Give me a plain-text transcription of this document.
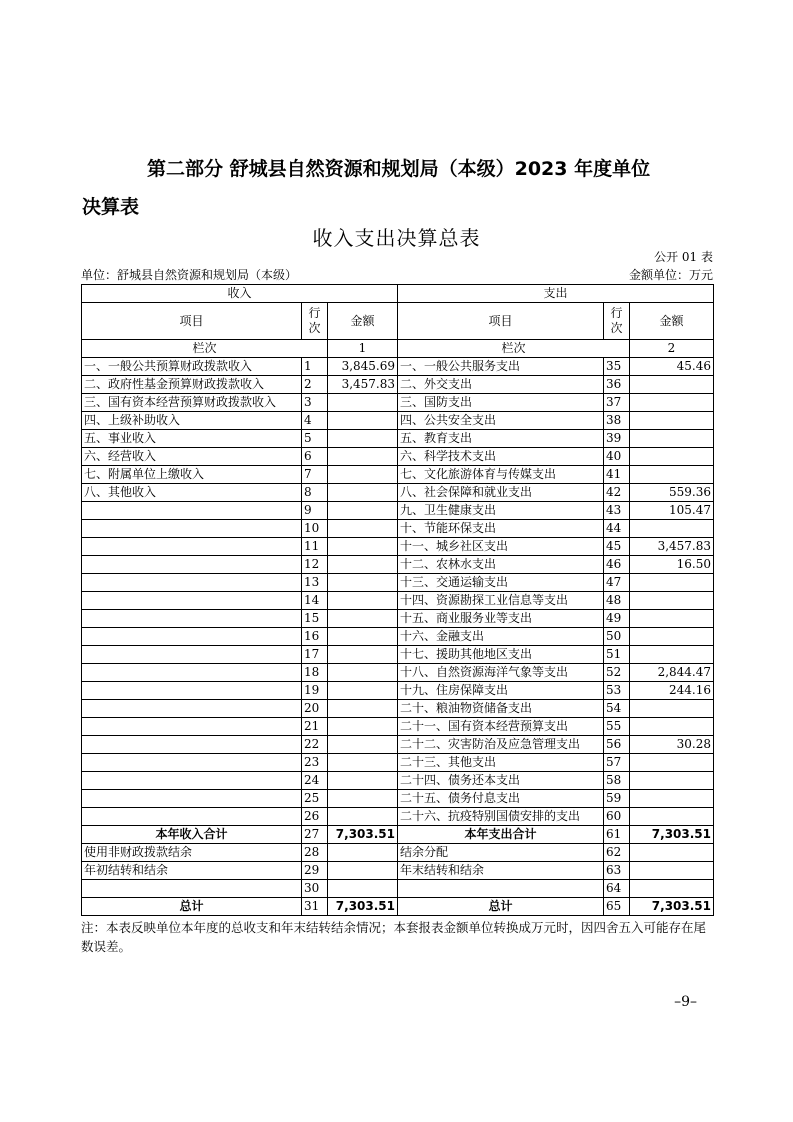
第二部分 舒城县自然资源和规划局（本级）2023 年度单位
决算表
收入支出决算总表
公开 01 表
单位：舒城县自然资源和规划局（本级）	金额单位：万元
收入			支出		
项目	行次	金额	项目	行次	金额
栏次		1	栏次		2
一、一般公共预算财政拨款收入	1	3,845.69	一、一般公共服务支出	35	45.46
二、政府性基金预算财政拨款收入	2	3,457.83	二、外交支出	36	
三、国有资本经营预算财政拨款收入	3		三、国防支出	37	
四、上级补助收入	4		四、公共安全支出	38	
五、事业收入	5		五、教育支出	39	
六、经营收入	6		六、科学技术支出	40	
七、附属单位上缴收入	7		七、文化旅游体育与传媒支出	41	
八、其他收入	8		八、社会保障和就业支出	42	559.36
	9		九、卫生健康支出	43	105.47
	10		十、节能环保支出	44	
	11		十一、城乡社区支出	45	3,457.83
	12		十二、农林水支出	46	16.50
	13		十三、交通运输支出	47	
	14		十四、资源勘探工业信息等支出	48	
	15		十五、商业服务业等支出	49	
	16		十六、金融支出	50	
	17		十七、援助其他地区支出	51	
	18		十八、自然资源海洋气象等支出	52	2,844.47
	19		十九、住房保障支出	53	244.16
	20		二十、粮油物资储备支出	54	
	21		二十一、国有资本经营预算支出	55	
	22		二十二、灾害防治及应急管理支出	56	30.28
	23		二十三、其他支出	57	
	24		二十四、债务还本支出	58	
	25		二十五、债务付息支出	59	
	26		二十六、抗疫特别国债安排的支出	60	
本年收入合计	27	7,303.51	本年支出合计	61	7,303.51
使用非财政拨款结余	28		结余分配	62	
年初结转和结余	29		年末结转和结余	63	
	30			64	
总计	31	7,303.51	总计	65	7,303.51
注：本表反映单位本年度的总收支和年末结转结余情况；本套报表金额单位转换成万元时，因四舍五入可能存在尾数误差。
–9–
